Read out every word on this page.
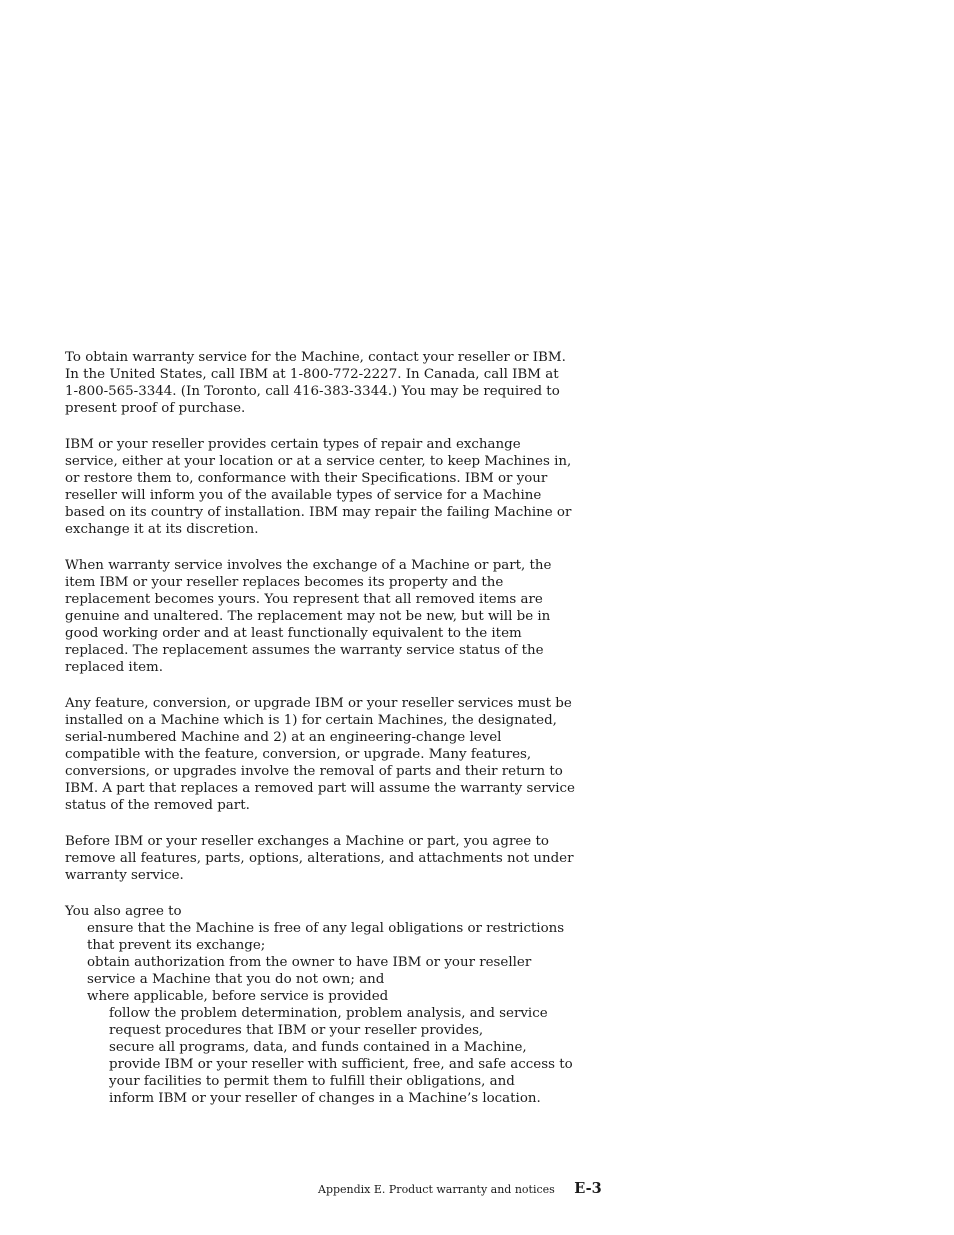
To obtain warranty service for the Machine, contact your reseller or IBM. In the United States, call IBM at 1-800-772-2227. In Canada, call IBM at 1-800-565-3344. (In Toronto, call 416-383-3344.) You may be required to present proof of purchase.

IBM or your reseller provides certain types of repair and exchange service, either at your location or at a service center, to keep Machines in, or restore them to, conformance with their Specifications. IBM or your reseller will inform you of the available types of service for a Machine based on its country of installation. IBM may repair the failing Machine or exchange it at its discretion.

When warranty service involves the exchange of a Machine or part, the item IBM or your reseller replaces becomes its property and the replacement becomes yours. You represent that all removed items are genuine and unaltered. The replacement may not be new, but will be in good working order and at least functionally equivalent to the item replaced. The replacement assumes the warranty service status of the replaced item.

Any feature, conversion, or upgrade IBM or your reseller services must be installed on a Machine which is 1) for certain Machines, the designated, serial-numbered Machine and 2) at an engineering-change level compatible with the feature, conversion, or upgrade. Many features, conversions, or upgrades involve the removal of parts and their return to IBM. A part that replaces a removed part will assume the warranty service status of the removed part.

Before IBM or your reseller exchanges a Machine or part, you agree to remove all features, parts, options, alterations, and attachments not under warranty service.

You also agree to

ensure that the Machine is free of any legal obligations or restrictions that prevent its exchange;

obtain authorization from the owner to have IBM or your reseller service a Machine that you do not own; and

where applicable, before service is provided

follow the problem determination, problem analysis, and service request procedures that IBM or your reseller provides,

secure all programs, data, and funds contained in a Machine,

provide IBM or your reseller with sufficient, free, and safe access to your facilities to permit them to fulfill their obligations, and

inform IBM or your reseller of changes in a Machine’s location.

Appendix E. Product warranty and notices E-3
